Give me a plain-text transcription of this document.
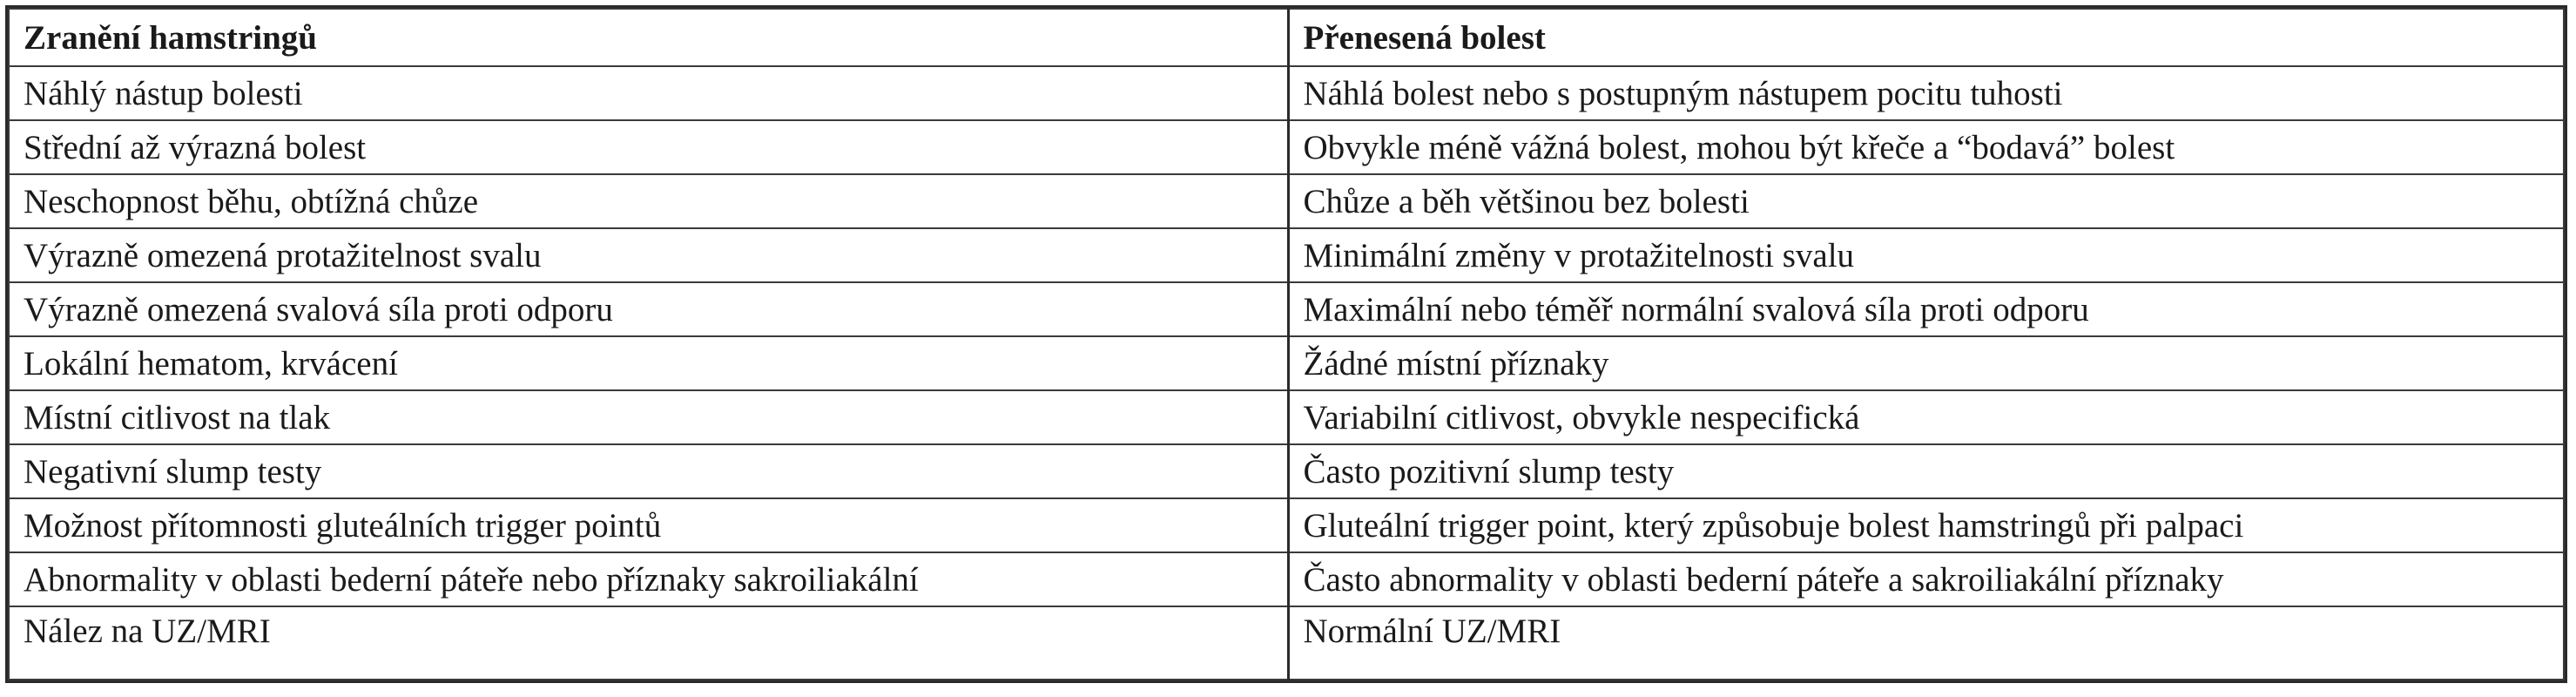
Zranění hamstringů	Přenesená bolest
Náhlý nástup bolesti	Náhlá bolest nebo s postupným nástupem pocitu tuhosti
Střední až výrazná bolest	Obvykle méně vážná bolest, mohou být křeče a “bodavá” bolest
Neschopnost běhu, obtížná chůze	Chůze a běh většinou bez bolesti
Výrazně omezená protažitelnost svalu	Minimální změny v protažitelnosti svalu
Výrazně omezená svalová síla proti odporu	Maximální nebo téměř normální svalová síla proti odporu
Lokální hematom, krvácení	Žádné místní příznaky
Místní citlivost na tlak	Variabilní citlivost, obvykle nespecifická
Negativní slump testy	Často pozitivní slump testy
Možnost přítomnosti gluteálních trigger pointů	Gluteální trigger point, který způsobuje bolest hamstringů při palpaci
Abnormality v oblasti bederní páteře nebo příznaky sakroiliakální	Často abnormality v oblasti bederní páteře a sakroiliakální příznaky
Nález na UZ/MRI	Normální UZ/MRI
